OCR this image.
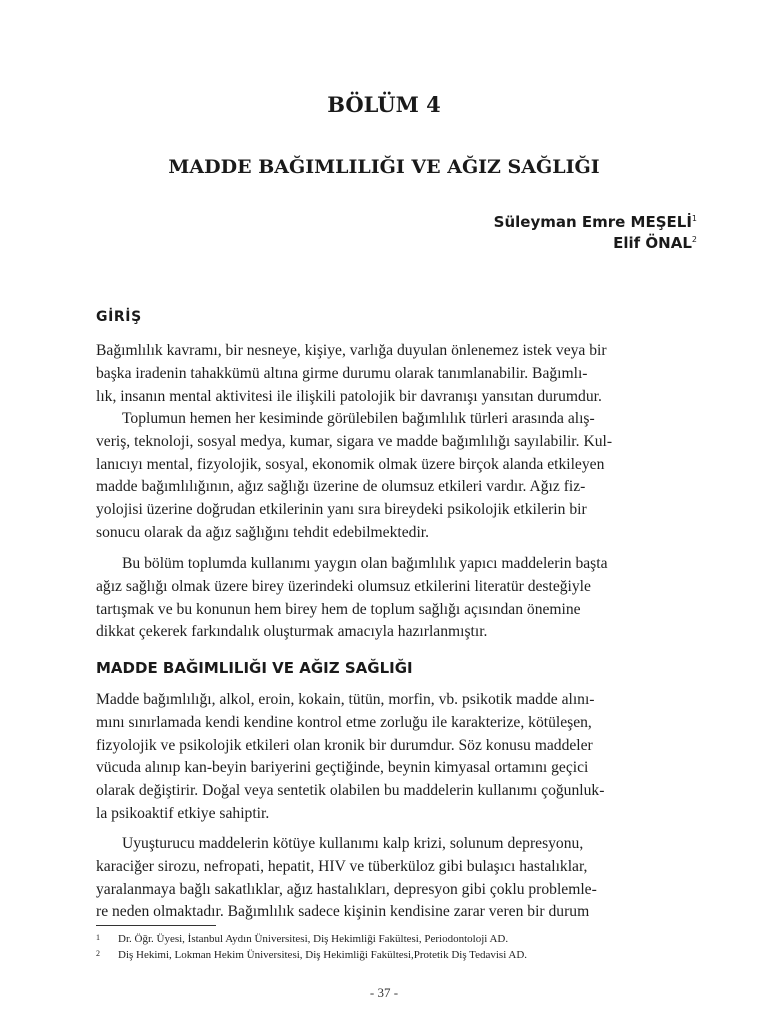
BÖLÜM 4
MADDE BAĞIMLILIĞI VE AĞIZ SAĞLIĞI
Süleyman Emre MEŞELİ$^1$
Elif ÖNAL$^2$
GİRİŞ
Bağımlılık kavramı, bir nesneye, kişiye, varlığa duyulan önlenemez istek veya bir
başka iradenin tahakkümü altına girme durumu olarak tanımlanabilir. Bağımlı-
lık, insanın mental aktivitesi ile ilişkili patolojik bir davranışı yansıtan durumdur.
Toplumun hemen her kesiminde görülebilen bağımlılık türleri arasında alış-
veriş, teknoloji, sosyal medya, kumar, sigara ve madde bağımlılığı sayılabilir. Kul-
lanıcıyı mental, fizyolojik, sosyal, ekonomik olmak üzere birçok alanda etkileyen
madde bağımlılığının, ağız sağlığı üzerine de olumsuz etkileri vardır. Ağız fiz-
yolojisi üzerine doğrudan etkilerinin yanı sıra bireydeki psikolojik etkilerin bir
sonucu olarak da ağız sağlığını tehdit edebilmektedir.
Bu bölüm toplumda kullanımı yaygın olan bağımlılık yapıcı maddelerin başta
ağız sağlığı olmak üzere birey üzerindeki olumsuz etkilerini literatür desteğiyle
tartışmak ve bu konunun hem birey hem de toplum sağlığı açısından önemine
dikkat çekerek farkındalık oluşturmak amacıyla hazırlanmıştır.
MADDE BAĞIMLILIĞI VE AĞIZ SAĞLIĞI
Madde bağımlılığı, alkol, eroin, kokain, tütün, morfin, vb. psikotik madde alını-
mını sınırlamada kendi kendine kontrol etme zorluğu ile karakterize, kötüleşen,
fizyolojik ve psikolojik etkileri olan kronik bir durumdur. Söz konusu maddeler
vücuda alınıp kan-beyin bariyerini geçtiğinde, beynin kimyasal ortamını geçici
olarak değiştirir. Doğal veya sentetik olabilen bu maddelerin kullanımı çoğunluk-
la psikoaktif etkiye sahiptir.
Uyuşturucu maddelerin kötüye kullanımı kalp krizi, solunum depresyonu,
karaciğer sirozu, nefropati, hepatit, HIV ve tüberküloz gibi bulaşıcı hastalıklar,
yaralanmaya bağlı sakatlıklar, ağız hastalıkları, depresyon gibi çoklu problemle-
re neden olmaktadır. Bağımlılık sadece kişinin kendisine zarar veren bir durum
1 Dr. Öğr. Üyesi, İstanbul Aydın Üniversitesi, Diş Hekimliği Fakültesi, Periodontoloji AD.
2 Diş Hekimi, Lokman Hekim Üniversitesi, Diş Hekimliği Fakültesi,Protetik Diş Tedavisi AD.
- 37 -
